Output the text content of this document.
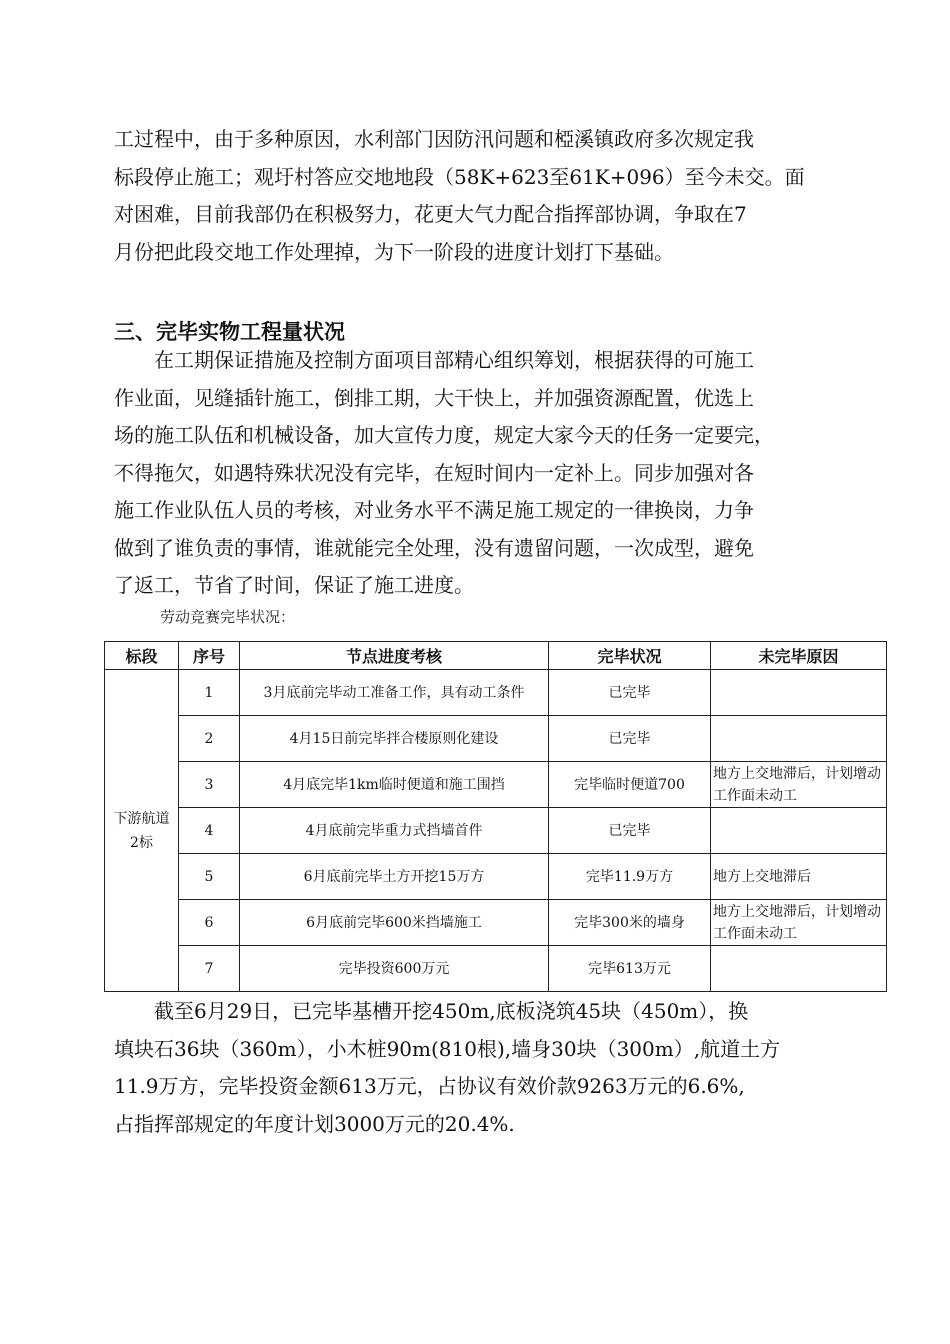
工过程中，由于多种原因，水利部门因防汛问题和椏溪镇政府多次规定我
标段停止施工；观圩村答应交地地段（58K+623至61K+096）至今未交。面
对困难，目前我部仍在积极努力，花更大气力配合指挥部协调，争取在7
月份把此段交地工作处理掉，为下一阶段的进度计划打下基础。
三、完毕实物工程量状况
　　在工期保证措施及控制方面项目部精心组织筹划，根据获得的可施工
作业面，见缝插针施工，倒排工期，大干快上，并加强资源配置，优选上
场的施工队伍和机械设备，加大宣传力度，规定大家今天的任务一定要完，
不得拖欠，如遇特殊状况没有完毕，在短时间内一定补上。同步加强对各
施工作业队伍人员的考核，对业务水平不满足施工规定的一律换岗，力争
做到了谁负责的事情，谁就能完全处理，没有遗留问题，一次成型，避免
了返工，节省了时间，保证了施工进度。

劳动竞赛完毕状况：

标段	序号	节点进度考核	完毕状况	未完毕原因
下游航道
2标	1	3月底前完毕动工准备工作，具有动工条件	已完毕	
	2	4月15日前完毕拌合楼原则化建设	已完毕	
	3	4月底完毕1km临时便道和施工围挡	完毕临时便道700	地方上交地滞后，计划增动工作面未动工
	4	4月底前完毕重力式挡墙首件	已完毕	
	5	6月底前完毕土方开挖15万方	完毕11.9万方	地方上交地滞后
	6	6月底前完毕600米挡墙施工	完毕300米的墙身	地方上交地滞后，计划增动工作面未动工
	7	完毕投资600万元	完毕613万元	
　　截至6月29日，已完毕基槽开挖450m,底板浇筑45块（450m），换
填块石36块（360m），小木桩90m(810根),墙身30块（300m）,航道土方
11.9万方，完毕投资金额613万元，占协议有效价款9263万元的6.6%,
占指挥部规定的年度计划3000万元的20.4%.
